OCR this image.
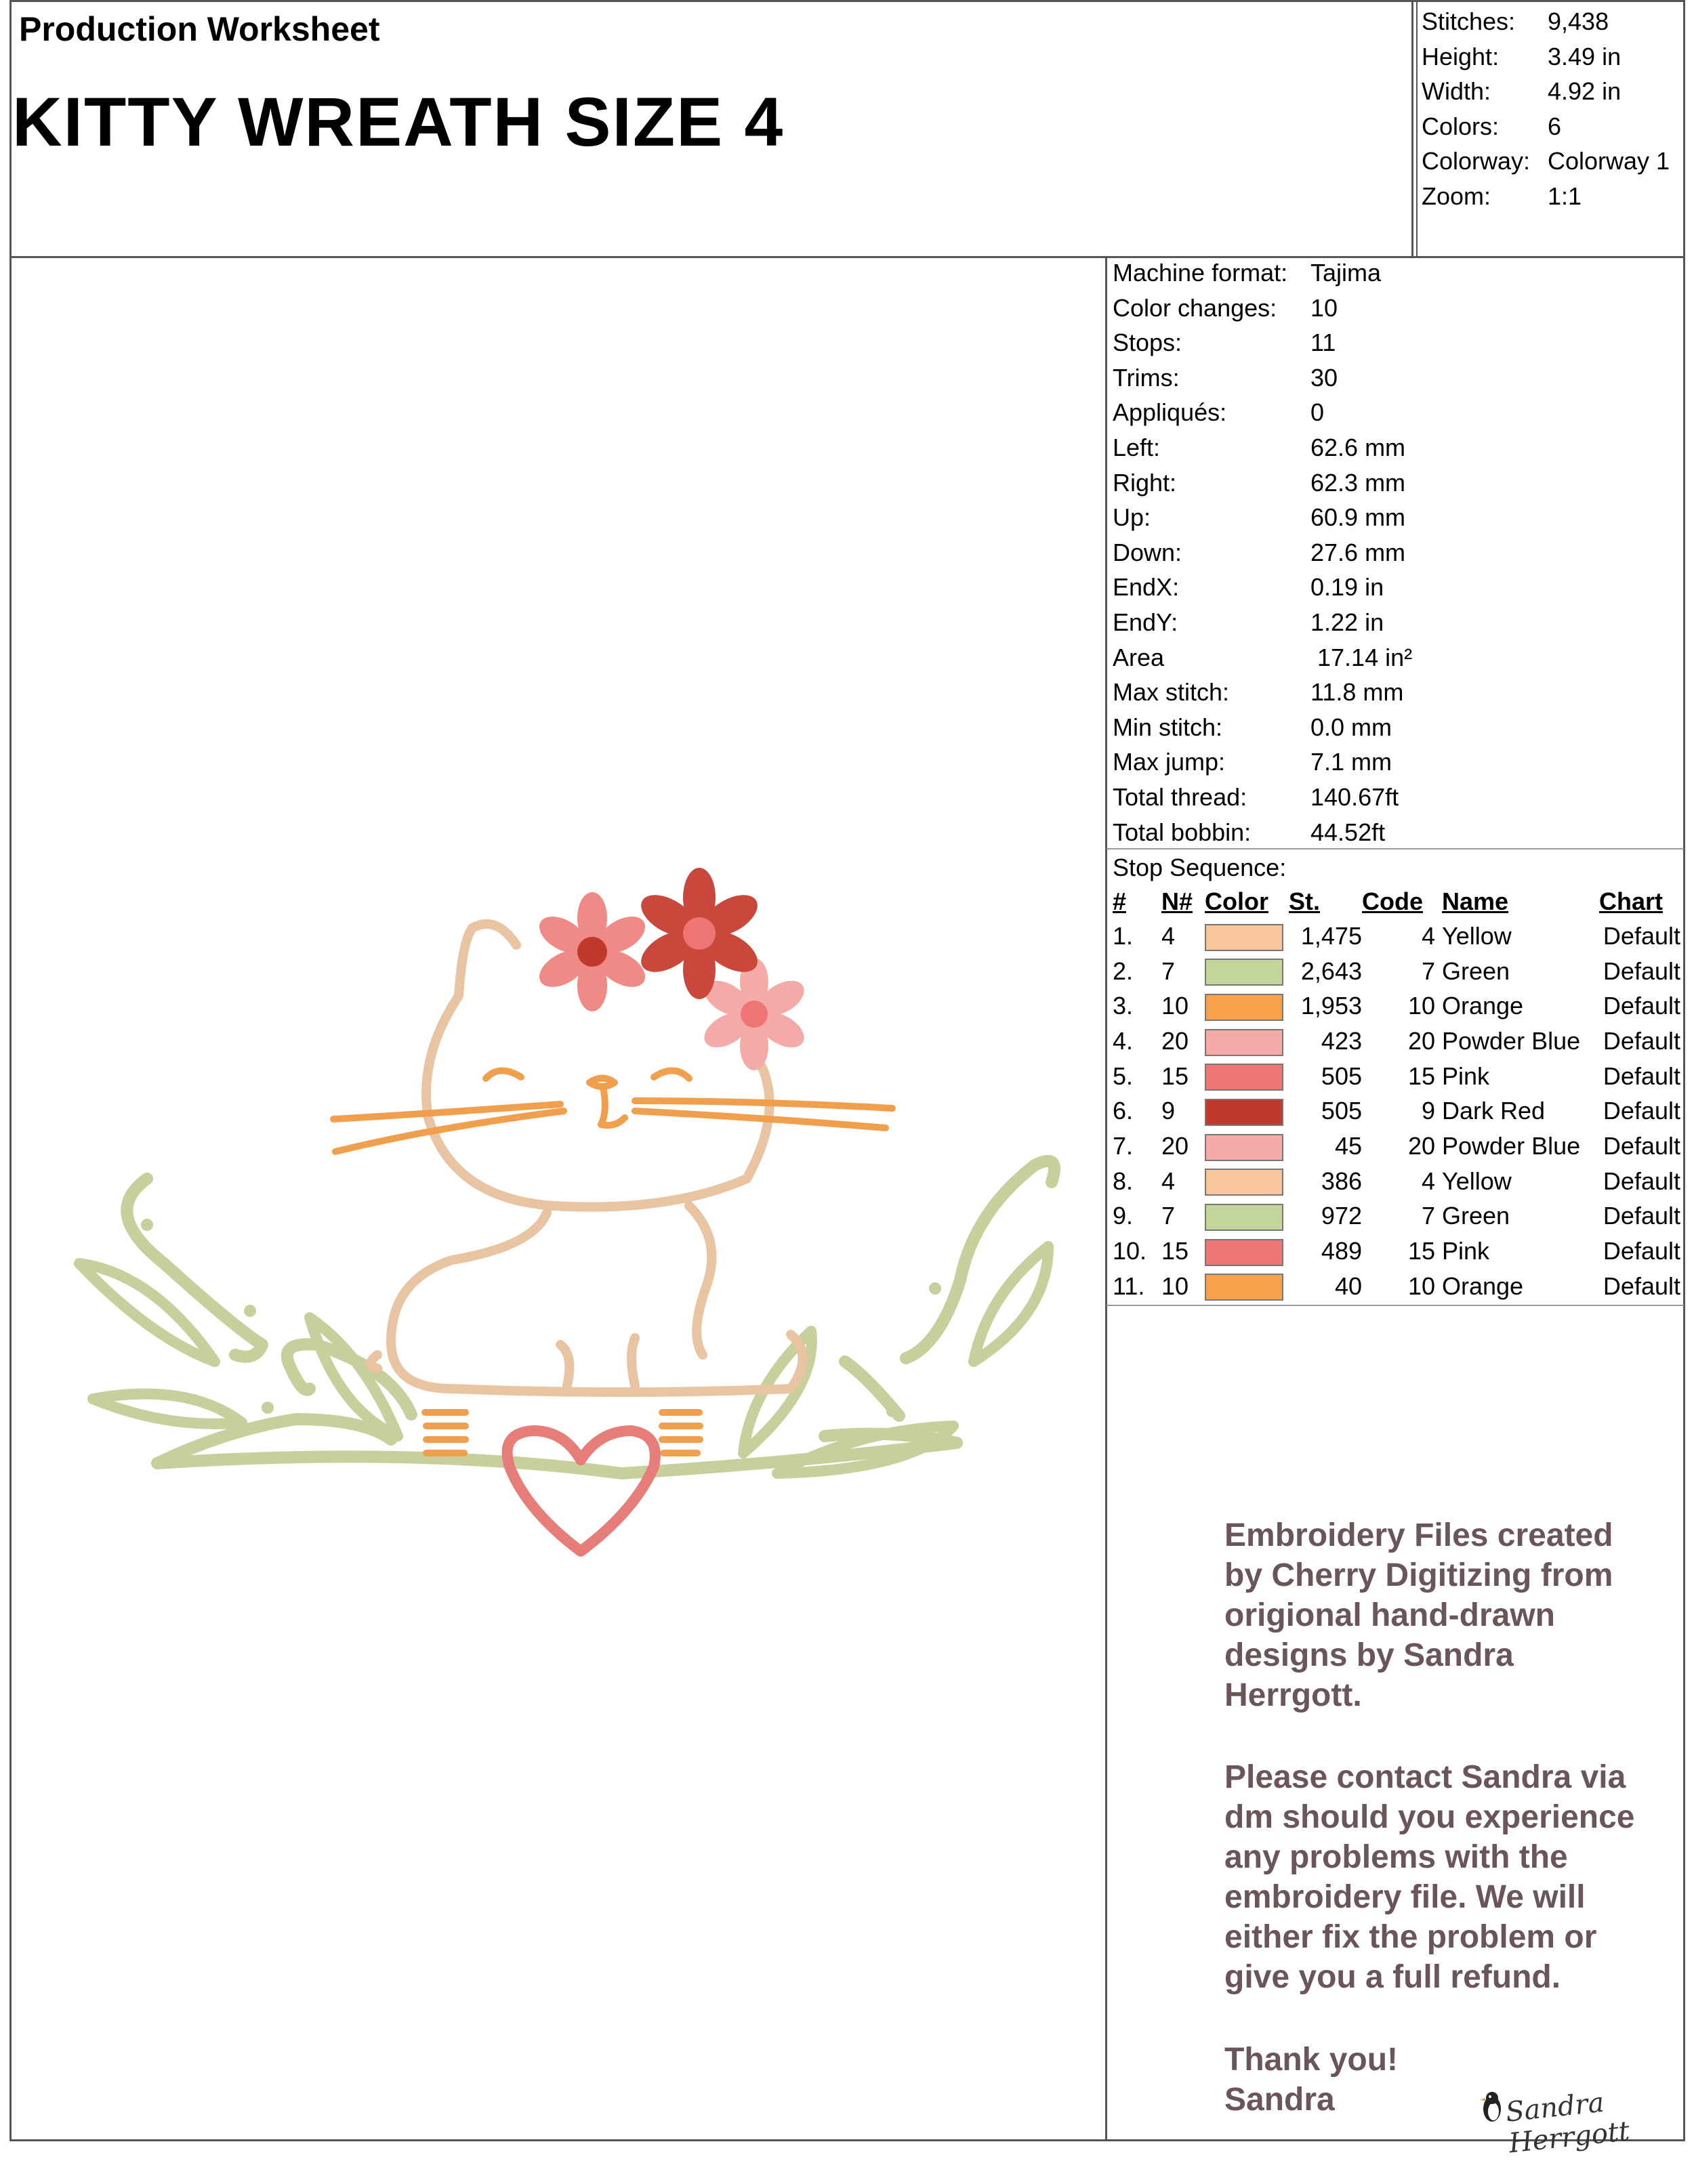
Production Worksheet
KITTY WREATH SIZE 4
Stitches: 9,438
Height: 3.49 in
Width: 4.92 in
Colors: 6
Colorway: Colorway 1
Zoom: 1:1
Machine format: Tajima
Color changes: 10
Stops:	11
Trims:	30
Appliqués:	0
Left:	62.6 mm
Right:	62.3 mm
Up:	60.9 mm
Down:	27.6 mm
EndX:	0.19 in
EndY:	1.22 in
Area	17.14 in²
Max stitch:	11.8 mm
Min stitch:	0.0 mm
Max jump:	7.1 mm
Total thread:	140.67ft
Total bobbin: 44.52ft
Stop Sequence:
#	N#	Color	St.	Code	Name	Chart
1.	4		1,475	4	Yellow	Default
2.	7		2,643	7	Green	Default
3.	10		1,953	10	Orange	Default
4.	20		423	20	Powder Blue	Default
5.	15		505	15	Pink	Default
6.	9		505	9	Dark Red	Default
7.	20		45	20	Powder Blue	Default
8.	4		386	4	Yellow	Default
9.	7		972	7	Green	Default
10.	15		489	15	Pink	Default
11.	10		40	10	Orange	Default
Embroidery Files created by Cherry Digitizing from origional hand-drawn designs by Sandra Herrgott.
Please contact Sandra via dm should you experience any problems with the embroidery file. We will either fix the problem or give you a full refund.
Thank you!
Sandra	Sandra Herrgott
